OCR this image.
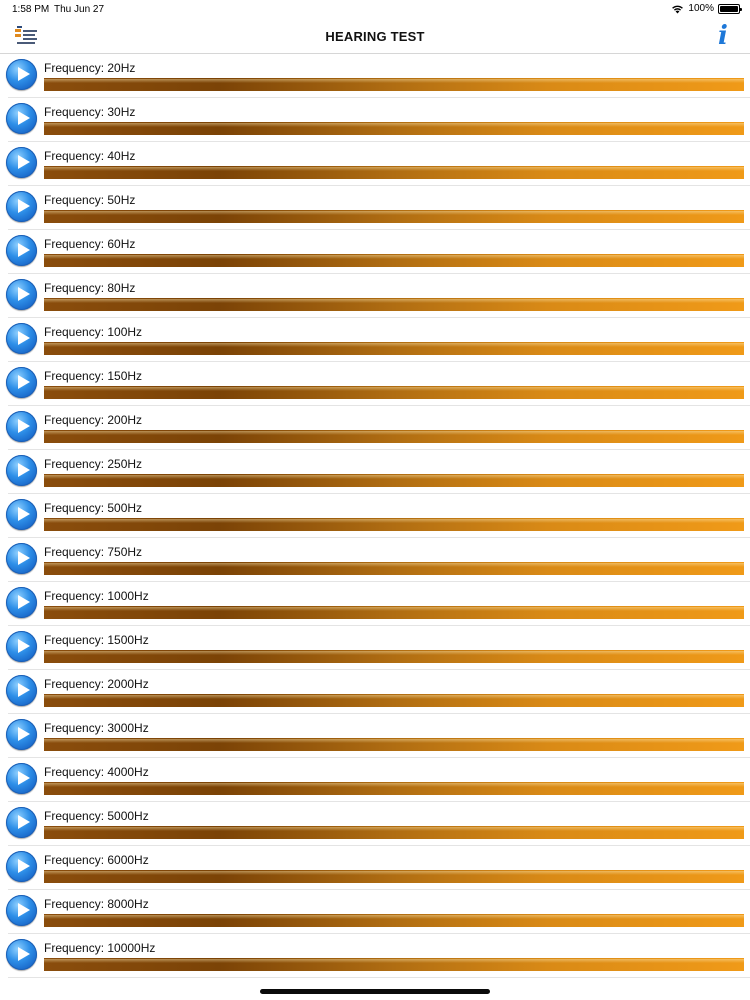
1:58 PM Thu Jun 27	100%
HEARING TEST	i
Frequency: 20Hz
Frequency: 30Hz
Frequency: 40Hz
Frequency: 50Hz
Frequency: 60Hz
Frequency: 80Hz
Frequency: 100Hz
Frequency: 150Hz
Frequency: 200Hz
Frequency: 250Hz
Frequency: 500Hz
Frequency: 750Hz
Frequency: 1000Hz
Frequency: 1500Hz
Frequency: 2000Hz
Frequency: 3000Hz
Frequency: 4000Hz
Frequency: 5000Hz
Frequency: 6000Hz
Frequency: 8000Hz
Frequency: 10000Hz
